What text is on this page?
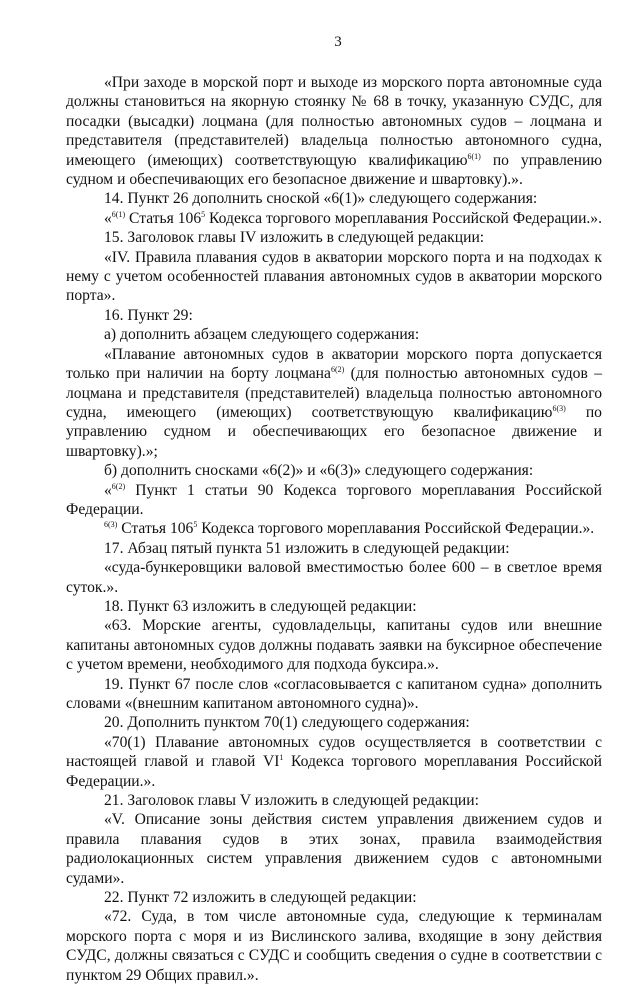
3

«При заходе в морской порт и выходе из морского порта автономные суда должны становиться на якорную стоянку № 68 в точку, указанную СУДС, для посадки (высадки) лоцмана (для полностью автономных судов – лоцмана и представителя (представителей) владельца полностью автономного судна, имеющего (имеющих) соответствующую квалификацию$^{6(1)}$ по управлению судном и обеспечивающих его безопасное движение и швартовку).».

14. Пункт 26 дополнить сноской «6(1)» следующего содержания:

«$^{6(1)}$ Статья $106^5$ Кодекса торгового мореплавания Российской Федерации.».

15. Заголовок главы IV изложить в следующей редакции:

«IV. Правила плавания судов в акватории морского порта и на подходах к нему с учетом особенностей плавания автономных судов в акватории морского порта».

16. Пункт 29:

а) дополнить абзацем следующего содержания:

«Плавание автономных судов в акватории морского порта допускается только при наличии на борту лоцмана$^{6(2)}$ (для полностью автономных судов – лоцмана и представителя (представителей) владельца полностью автономного судна, имеющего (имеющих) соответствующую квалификацию$^{6(3)}$ по управлению судном и обеспечивающих его безопасное движение и швартовку).»;

б) дополнить сносками «6(2)» и «6(3)» следующего содержания:

«$^{6(2)}$ Пункт 1 статьи 90 Кодекса торгового мореплавания Российской Федерации.

$^{6(3)}$ Статья $106^5$ Кодекса торгового мореплавания Российской Федерации.».

17. Абзац пятый пункта 51 изложить в следующей редакции:

«суда-бункеровщики валовой вместимостью более 600 – в светлое время суток.».

18. Пункт 63 изложить в следующей редакции:

«63. Морские агенты, судовладельцы, капитаны судов или внешние капитаны автономных судов должны подавать заявки на буксирное обеспечение с учетом времени, необходимого для подхода буксира.».

19. Пункт 67 после слов «согласовывается с капитаном судна» дополнить словами «(внешним капитаном автономного судна)».

20. Дополнить пунктом 70(1) следующего содержания:

«70(1) Плавание автономных судов осуществляется в соответствии с настоящей главой и главой $VI^1$ Кодекса торгового мореплавания Российской Федерации.».

21. Заголовок главы V изложить в следующей редакции:

«V. Описание зоны действия систем управления движением судов и правила плавания судов в этих зонах, правила взаимодействия радиолокационных систем управления движением судов с автономными судами».

22. Пункт 72 изложить в следующей редакции:

«72. Суда, в том числе автономные суда, следующие к терминалам морского порта с моря и из Вислинского залива, входящие в зону действия СУДС, должны связаться с СУДС и сообщить сведения о судне в соответствии с пунктом 29 Общих правил.».
